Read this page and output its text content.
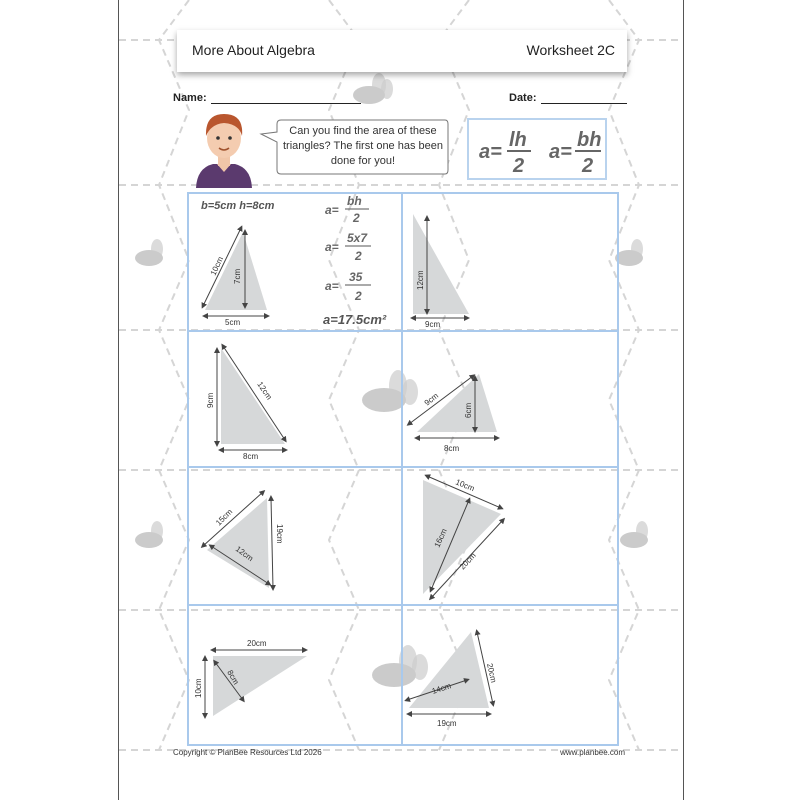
More About Algebra	Worksheet 2C
Name:	Date:
Can you find the area of these triangles? The first one has been done for you!	a=
lh
2
a=
bh
2
10cm 7cm
5cm
12cm
9cm
9cm	12cm
8cm
9cm
6cm
8cm
15cm
19cm
12cm
10cm
16cm
20cm
20cm
10cm
8cm	20cm
14cm
19cm
b=5cm h=8cm	a=
bh
2
a=
5x7
2
a=
35
2
a=17.5cm²
Copyright © PlanBee Resources Ltd 2026	www.planbee.com
